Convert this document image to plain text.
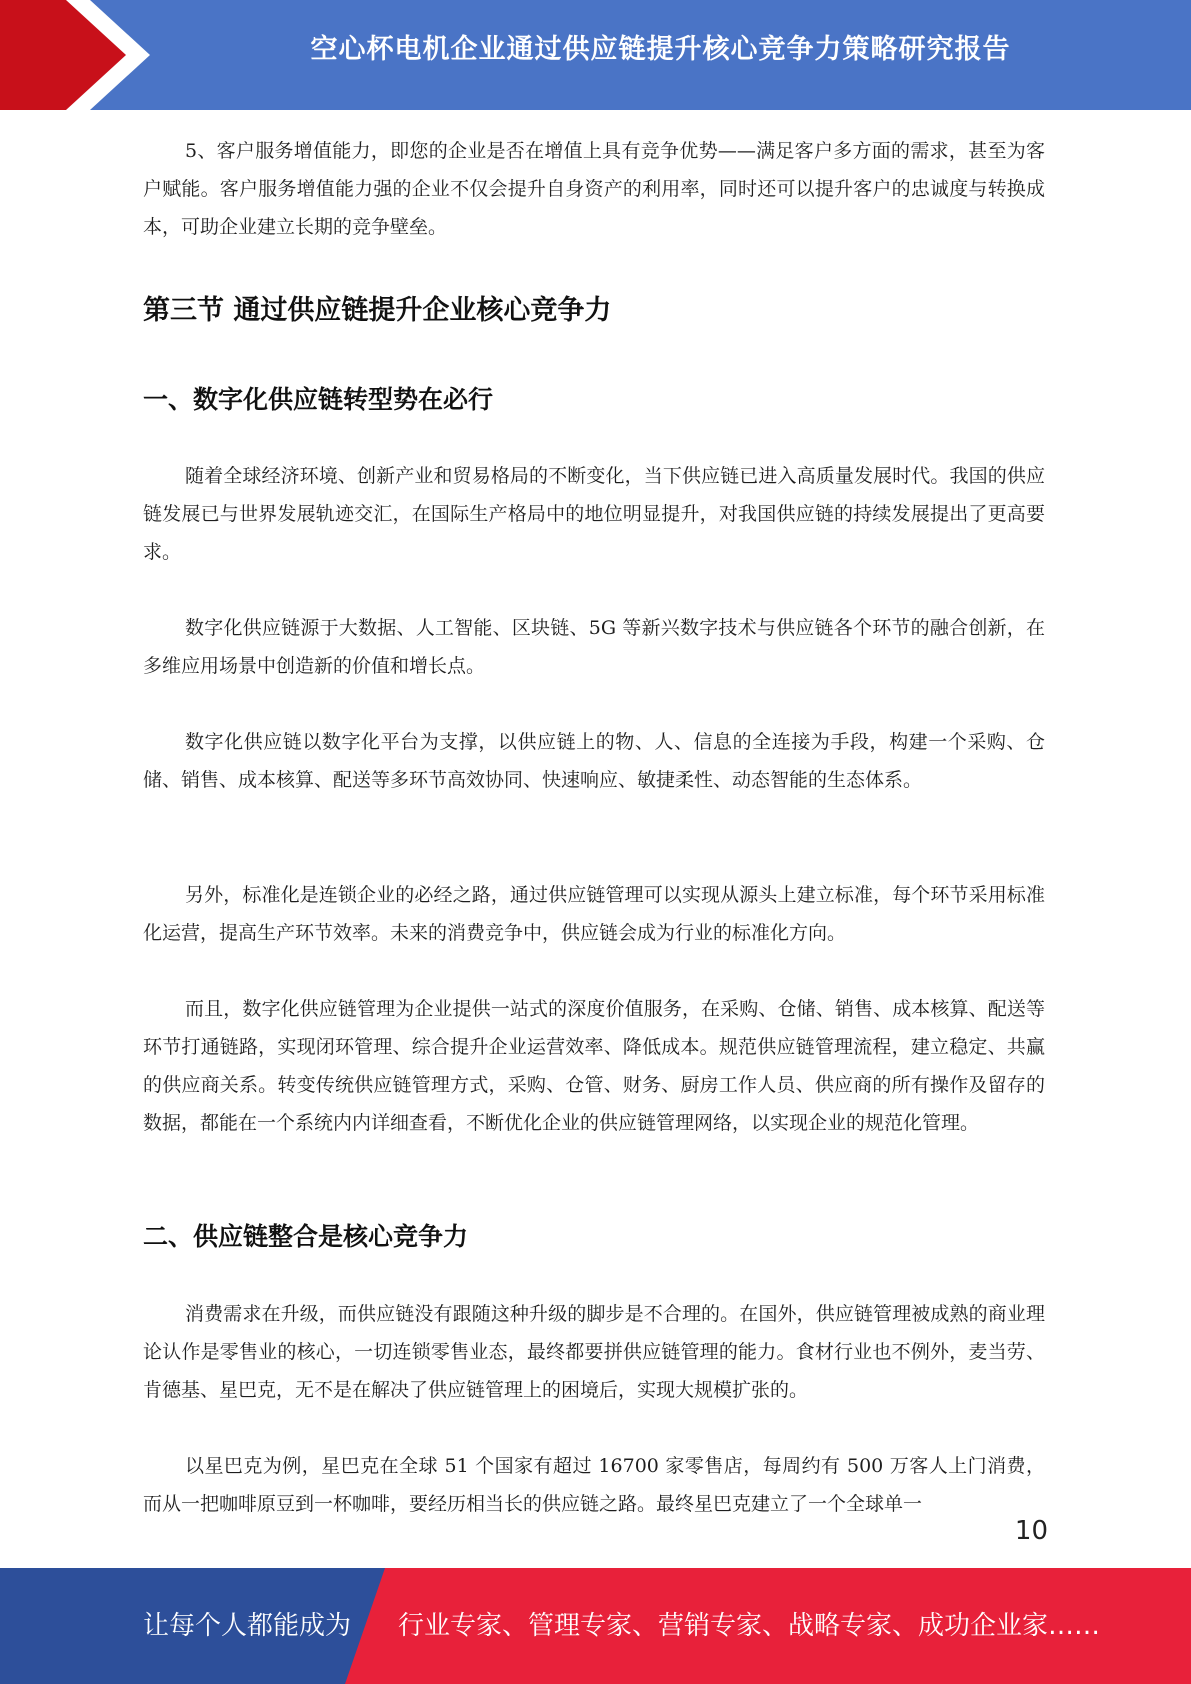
空心杯电机企业通过供应链提升核心竞争力策略研究报告

5、客户服务增值能力，即您的企业是否在增值上具有竞争优势——满足客户多方面的需求，甚至为客户赋能。客户服务增值能力强的企业不仅会提升自身资产的利用率，同时还可以提升客户的忠诚度与转换成本，可助企业建立长期的竞争壁垒。

第三节 通过供应链提升企业核心竞争力
一、数字化供应链转型势在必行

随着全球经济环境、创新产业和贸易格局的不断变化，当下供应链已进入高质量发展时代。我国的供应链发展已与世界发展轨迹交汇，在国际生产格局中的地位明显提升，对我国供应链的持续发展提出了更高要求。

数字化供应链源于大数据、人工智能、区块链、5G 等新兴数字技术与供应链各个环节的融合创新，在多维应用场景中创造新的价值和增长点。

数字化供应链以数字化平台为支撑，以供应链上的物、人、信息的全连接为手段，构建一个采购、仓储、销售、成本核算、配送等多环节高效协同、快速响应、敏捷柔性、动态智能的生态体系。

另外，标准化是连锁企业的必经之路，通过供应链管理可以实现从源头上建立标准，每个环节采用标准化运营，提高生产环节效率。未来的消费竞争中，供应链会成为行业的标准化方向。

而且，数字化供应链管理为企业提供一站式的深度价值服务，在采购、仓储、销售、成本核算、配送等环节打通链路，实现闭环管理、综合提升企业运营效率、降低成本。规范供应链管理流程，建立稳定、共赢的供应商关系。转变传统供应链管理方式，采购、仓管、财务、厨房工作人员、供应商的所有操作及留存的数据，都能在一个系统内内详细查看，不断优化企业的供应链管理网络，以实现企业的规范化管理。

二、供应链整合是核心竞争力

消费需求在升级，而供应链没有跟随这种升级的脚步是不合理的。在国外，供应链管理被成熟的商业理论认作是零售业的核心，一切连锁零售业态，最终都要拼供应链管理的能力。食材行业也不例外，麦当劳、肯德基、星巴克，无不是在解决了供应链管理上的困境后，实现大规模扩张的。

以星巴克为例，星巴克在全球 51 个国家有超过 16700 家零售店，每周约有 500 万客人上门消费，而从一把咖啡原豆到一杯咖啡，要经历相当长的供应链之路。最终星巴克建立了一个全球单一

10
让每个人都能成为 行业专家、管理专家、营销专家、战略专家、成功企业家……
